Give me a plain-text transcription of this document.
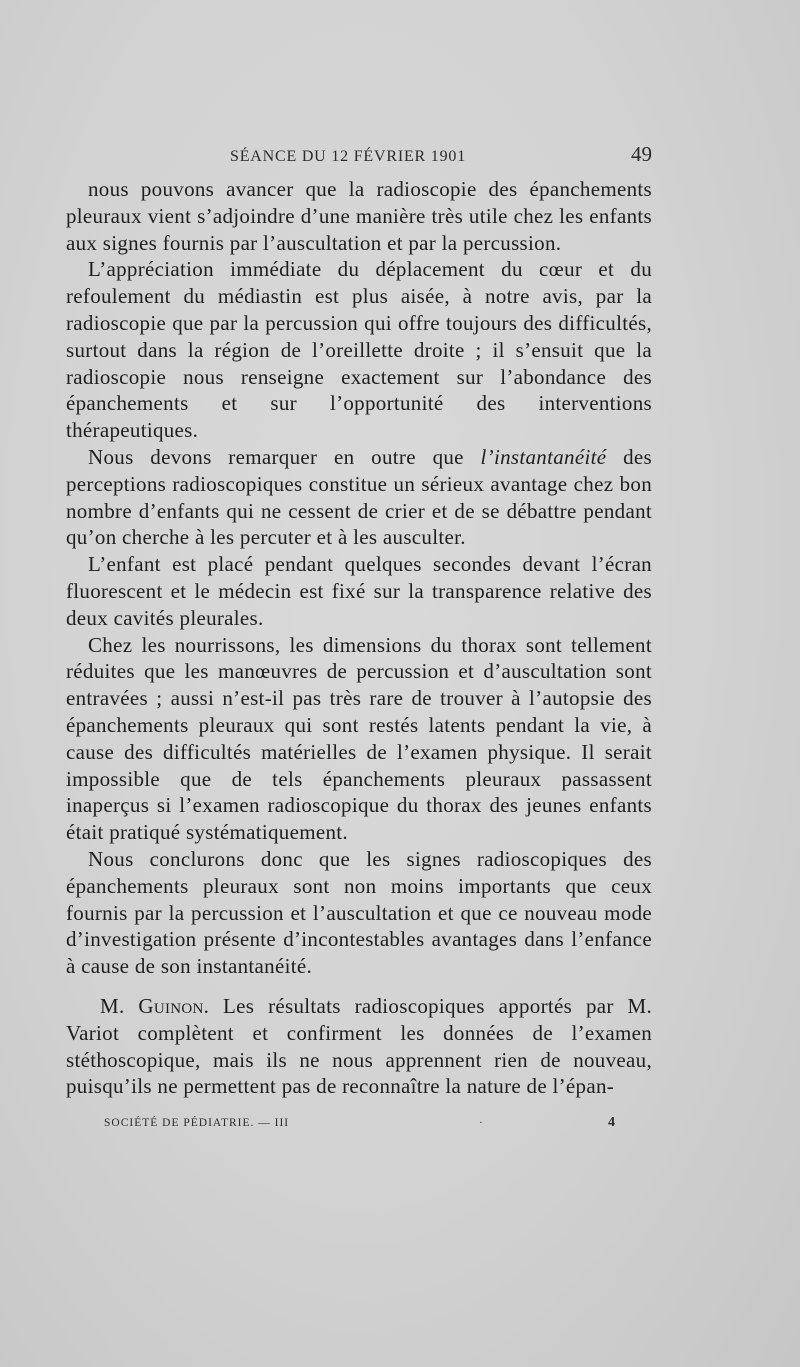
SÉANCE DU 12 FÉVRIER 1901	49

nous pouvons avancer que la radioscopie des épanchements pleuraux vient s’adjoindre d’une manière très utile chez les enfants aux signes fournis par l’auscultation et par la percussion.

L’appréciation immédiate du déplacement du cœur et du refoulement du médiastin est plus aisée, à notre avis, par la radioscopie que par la percussion qui offre toujours des difficultés, surtout dans la région de l’oreillette droite ; il s’ensuit que la radioscopie nous renseigne exactement sur l’abondance des épanchements et sur l’opportunité des interventions thérapeutiques.

Nous devons remarquer en outre que l’instantanéité des perceptions radioscopiques constitue un sérieux avantage chez bon nombre d’enfants qui ne cessent de crier et de se débattre pendant qu’on cherche à les percuter et à les ausculter.

L’enfant est placé pendant quelques secondes devant l’écran fluorescent et le médecin est fixé sur la transparence relative des deux cavités pleurales.

Chez les nourrissons, les dimensions du thorax sont tellement réduites que les manœuvres de percussion et d’auscultation sont entravées ; aussi n’est-il pas très rare de trouver à l’autopsie des épanchements pleuraux qui sont restés latents pendant la vie, à cause des difficultés matérielles de l’examen physique. Il serait impossible que de tels épanchements pleuraux passassent inaperçus si l’examen radioscopique du thorax des jeunes enfants était pratiqué systématiquement.

Nous conclurons donc que les signes radioscopiques des épanchements pleuraux sont non moins importants que ceux fournis par la percussion et l’auscultation et que ce nouveau mode d’investigation présente d’incontestables avantages dans l’enfance à cause de son instantanéité.

M. Guinon. Les résultats radioscopiques apportés par M. Variot complètent et confirment les données de l’examen stéthoscopique, mais ils ne nous apprennent rien de nouveau, puisqu’ils ne permettent pas de reconnaître la nature de l’épan-

SOCIÉTÉ DE PÉDIATRIE. — III	·	4
